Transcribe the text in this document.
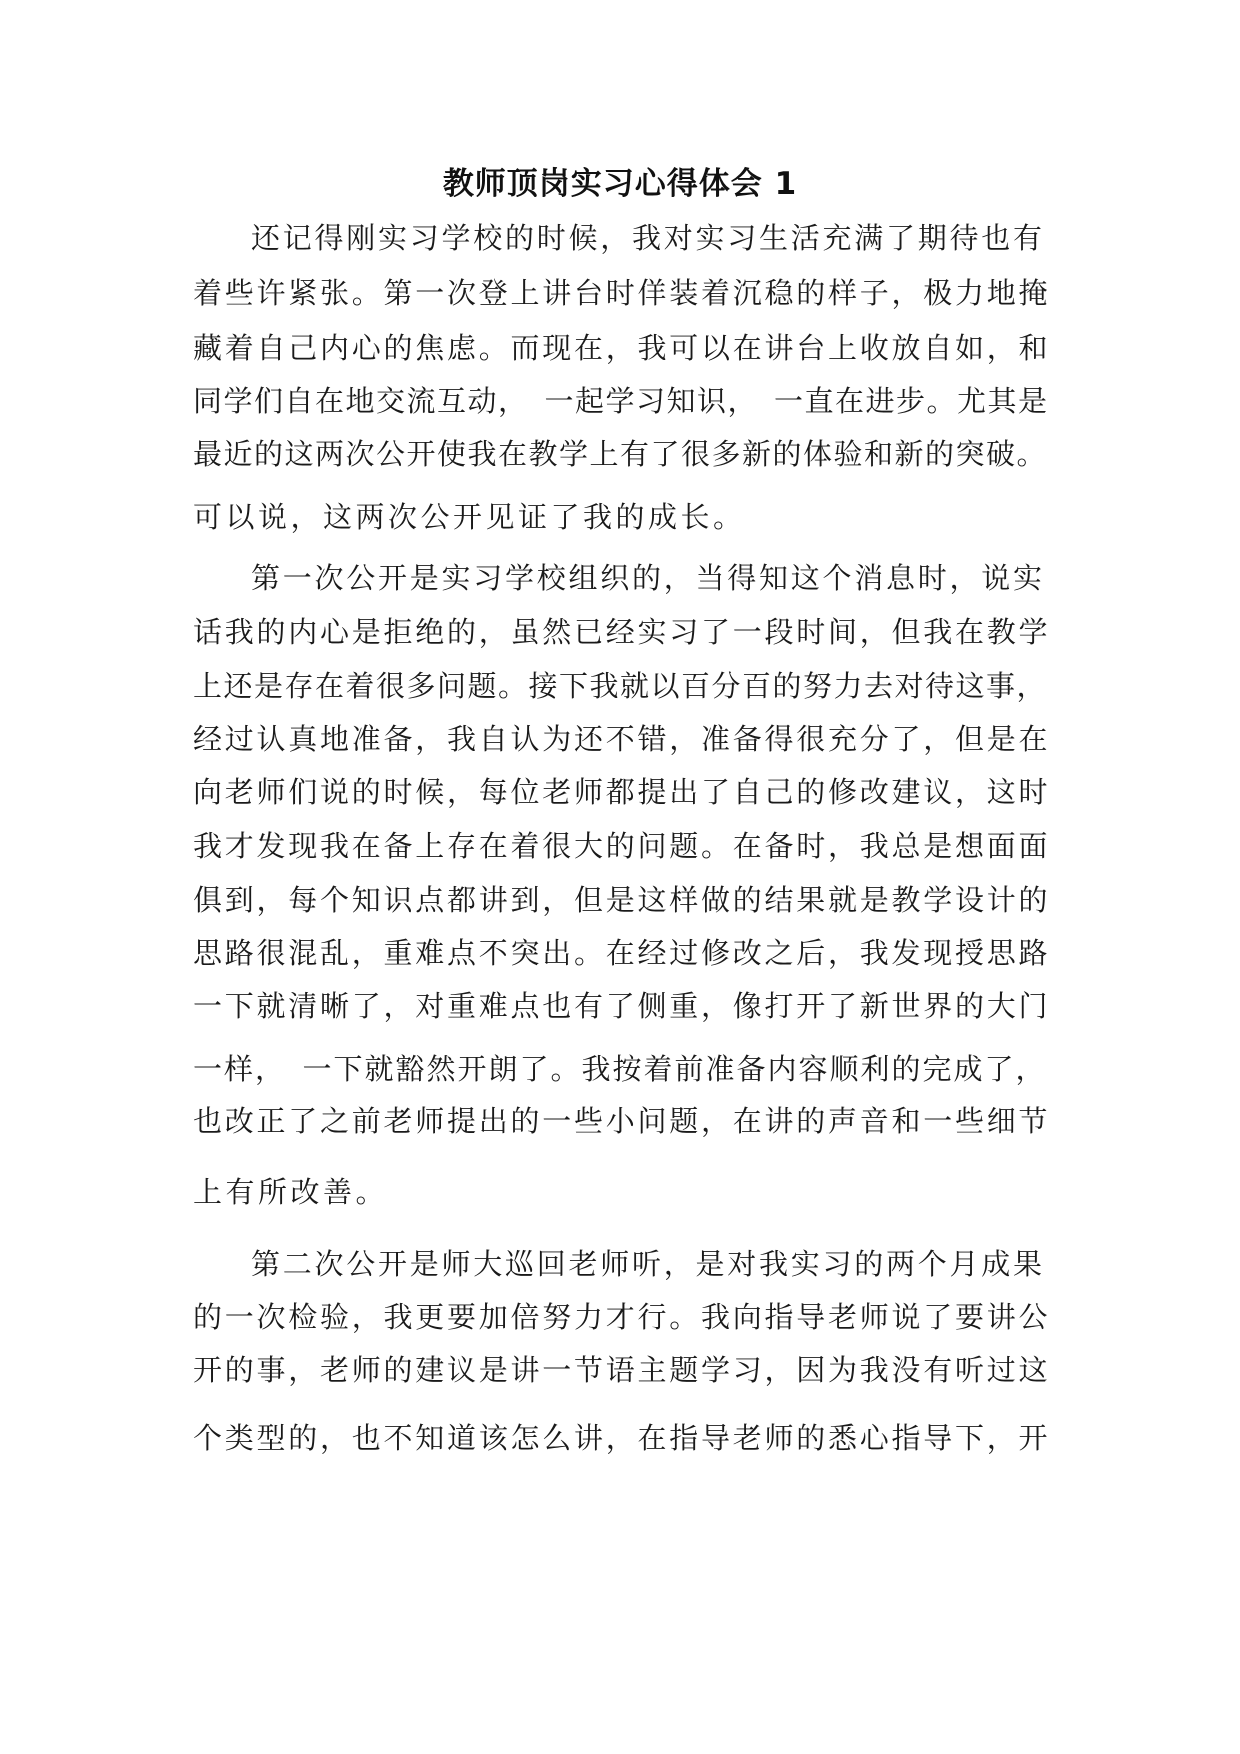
教师顶岗实习心得体会 1
还记得刚实习学校的时候，我对实习生活充满了期待也有
着些许紧张。第一次登上讲台时佯装着沉稳的样子，极力地掩
藏着自己内心的焦虑。而现在，我可以在讲台上收放自如，和
同学们自在地交流互动，　一起学习知识，　一直在进步。尤其是
最近的这两次公开使我在教学上有了很多新的体验和新的突破。
可以说，这两次公开见证了我的成长。
第一次公开是实习学校组织的，当得知这个消息时，说实
话我的内心是拒绝的，虽然已经实习了一段时间，但我在教学
上还是存在着很多问题。接下我就以百分百的努力去对待这事，
经过认真地准备，我自认为还不错，准备得很充分了，但是在
向老师们说的时候，每位老师都提出了自己的修改建议，这时
我才发现我在备上存在着很大的问题。在备时，我总是想面面
俱到，每个知识点都讲到，但是这样做的结果就是教学设计的
思路很混乱，重难点不突出。在经过修改之后，我发现授思路
一下就清晰了，对重难点也有了侧重，像打开了新世界的大门
一样，　一下就豁然开朗了。我按着前准备内容顺利的完成了，
也改正了之前老师提出的一些小问题，在讲的声音和一些细节
上有所改善。
第二次公开是师大巡回老师听，是对我实习的两个月成果
的一次检验，我更要加倍努力才行。我向指导老师说了要讲公
开的事，老师的建议是讲一节语主题学习，因为我没有听过这
个类型的，也不知道该怎么讲，在指导老师的悉心指导下，开
